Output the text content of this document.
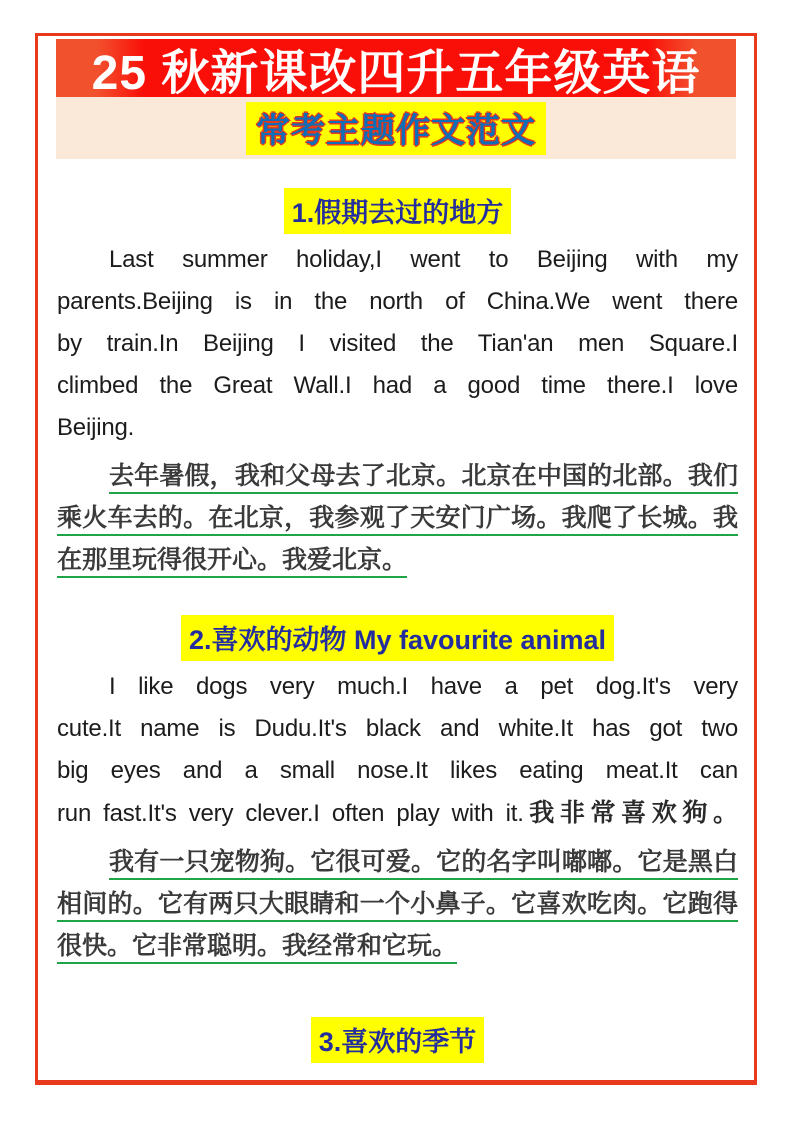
25 秋新课改四升五年级英语
常考主题作文范文
1.假期去过的地方
Last summer holiday,I went to Beijing with my
parents.Beijing is in the north of China.We went there
by train.In Beijing I visited the Tian'an men Square.I
climbed the Great Wall.I had a good time there.I love
Beijing.
去年暑假，我和父母去了北京。北京在中国的北部。我们
乘火车去的。在北京，我参观了天安门广场。我爬了长城。我
在那里玩得很开心。我爱北京。
2.喜欢的动物 My favourite animal
I like dogs very much.I have a pet dog.It's very
cute.It name is Dudu.It's black and white.It has got two
big eyes and a small nose.It likes eating meat.It can
run fast.It's very clever.I often play with it.我非常喜欢狗。
我有一只宠物狗。它很可爱。它的名字叫嘟嘟。它是黑白
相间的。它有两只大眼睛和一个小鼻子。它喜欢吃肉。它跑得
很快。它非常聪明。我经常和它玩。
3.喜欢的季节
